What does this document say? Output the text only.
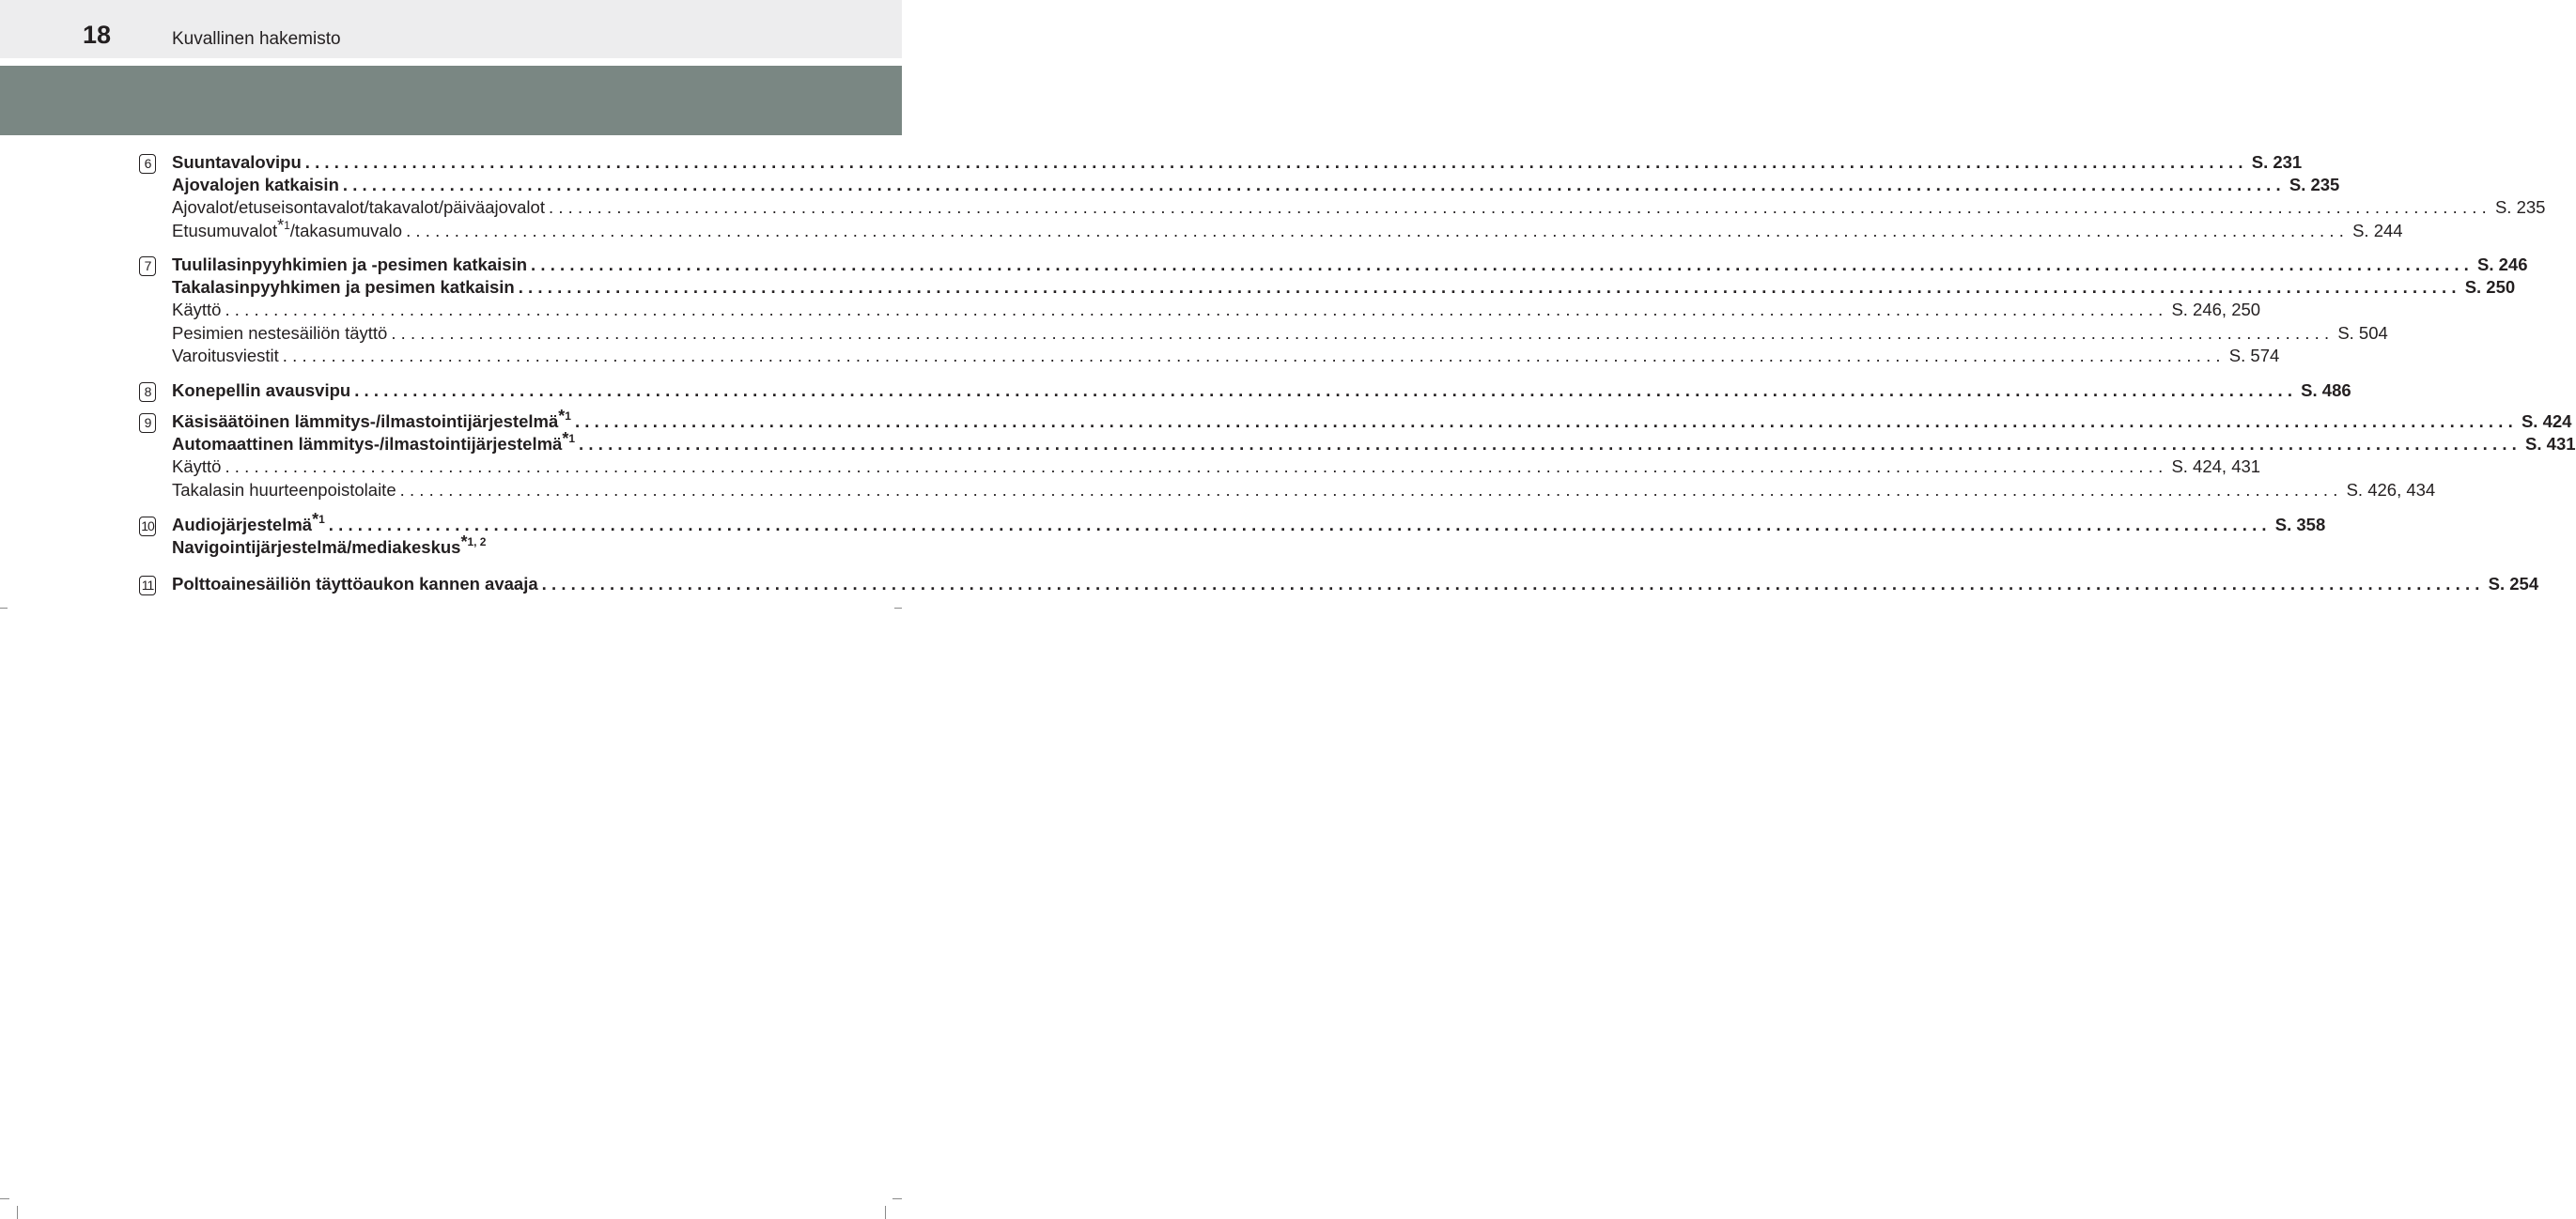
18	Kuvallinen hakemisto
6	Suuntavalovipu ........................................................................................................................................................................................................ S. 231
Ajovalojen katkaisin ........................................................................................................................................................................................................ S. 235
Ajovalot/etuseisontavalot/takavalot/päiväajovalot ........................................................................................................................................................................................................ S. 235
Etusumuvalot$^{*1}$/takasumuvalo ........................................................................................................................................................................................................ S. 244
7	Tuulilasinpyyhkimien ja -pesimen katkaisin ........................................................................................................................................................................................................ S. 246
Takalasinpyyhkimen ja pesimen katkaisin ........................................................................................................................................................................................................ S. 250
Käyttö ........................................................................................................................................................................................................ S. 246, 250
Pesimien nestesäiliön täyttö ........................................................................................................................................................................................................ S. 504
Varoitusviestit ........................................................................................................................................................................................................ S. 574
8	Konepellin avausvipu ........................................................................................................................................................................................................ S. 486
9	Käsisäätöinen lämmitys-/ilmastointijärjestelmä$^{*1}$ ........................................................................................................................................................................................................ S. 424
Automaattinen lämmitys-/ilmastointijärjestelmä$^{*1}$ ........................................................................................................................................................................................................ S. 431
Käyttö ........................................................................................................................................................................................................ S. 424, 431
Takalasin huurteenpoistolaite ........................................................................................................................................................................................................ S. 426, 434
10 Audiojärjestelmä$^{*1}$ ........................................................................................................................................................................................................ S. 358
Navigointijärjestelmä/mediakeskus$^{*1, 2}$
11 Polttoainesäiliön täyttöaukon kannen avaaja ........................................................................................................................................................................................................ S. 254
